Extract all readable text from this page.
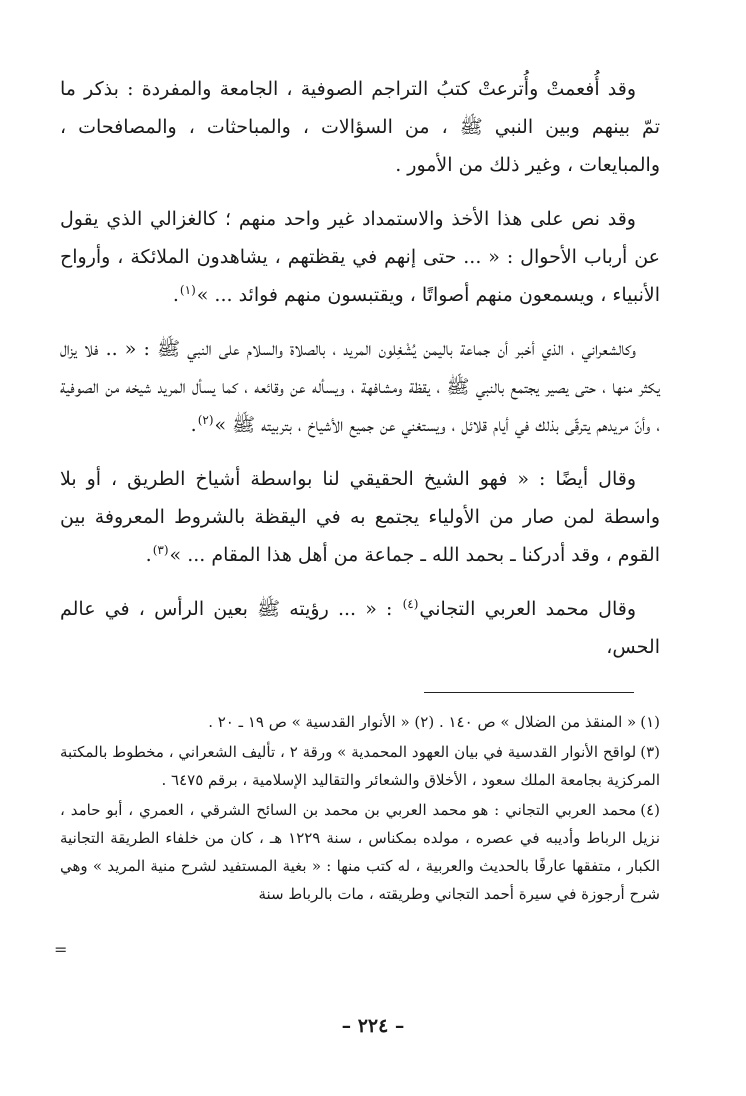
وقد أُفعمتْ وأُترعتْ كتبُ التراجم الصوفية ، الجامعة والمفردة : بذكر ما تمّ بينهم وبين النبي ﷺ ، من السؤالات ، والمباحثات ، والمصافحات ، والمبايعات ، وغير ذلك من الأمور .

وقد نص على هذا الأخذ والاستمداد غير واحد منهم ؛ كالغزالي الذي يقول عن أرباب الأحوال : « ... حتى إنهم في يقظتهم ، يشاهدون الملائكة ، وأرواح الأنبياء ، ويسمعون منهم أصواتًا ، ويقتبسون منهم فوائد ... »$^{(١)}$.

وكالشعراني ، الذي أخبر أن جماعة باليمن يُشْغِلون المريد ، بالصلاة والسلام على النبي ﷺ : « .. فلا يزال يكثر منها ، حتى يصير يجتمع بالنبي ﷺ ، يقظة ومشافهة ، ويسأله عن وقائعه ، كما يسأل المريد شيخه من الصوفية ، وأنّ مريدهم يترقّى بذلك في أيام قلائل ، ويستغني عن جميع الأشياخ ، بتربيته ﷺ »$^{(٢)}$.

وقال أيضًا : « فهو الشيخ الحقيقي لنا بواسطة أشياخ الطريق ، أو بلا واسطة لمن صار من الأولياء يجتمع به في اليقظة بالشروط المعروفة بين القوم ، وقد أدركنا ـ بحمد الله ـ جماعة من أهل هذا المقام ... »$^{(٣)}$.

وقال محمد العربي التجاني$^{(٤)}$ : « ... رؤيته ﷺ بعين الرأس ، في عالم الحس،

(١)« المنقذ من الضلال » ص ١٤٠ . (٢) « الأنوار القدسية » ص ١٩ ـ ٢٠ .

(٣)لواقح الأنوار القدسية في بيان العهود المحمدية » ورقة ٢ ، تأليف الشعراني ، مخطوط بالمكتبة المركزية بجامعة الملك سعود ، الأخلاق والشعائر والتقاليد الإسلامية ، برقم ٦٤٧٥ .

(٤)محمد العربي التجاني : هو محمد العربي بن محمد بن السائح الشرقي ، العمري ، أبو حامد ، نزيل الرباط وأديبه في عصره ، مولده بمكناس ، سنة ١٢٢٩ هـ ، كان من خلفاء الطريقة التجانية الكبار ، متفقها عارفًا بالحديث والعربية ، له كتب منها : « بغية المستفيد لشرح منية المريد » وهي شرح أرجوزة في سيرة أحمد التجاني وطريقته ، مات بالرباط سنة

=
– ٢٢٤ –
